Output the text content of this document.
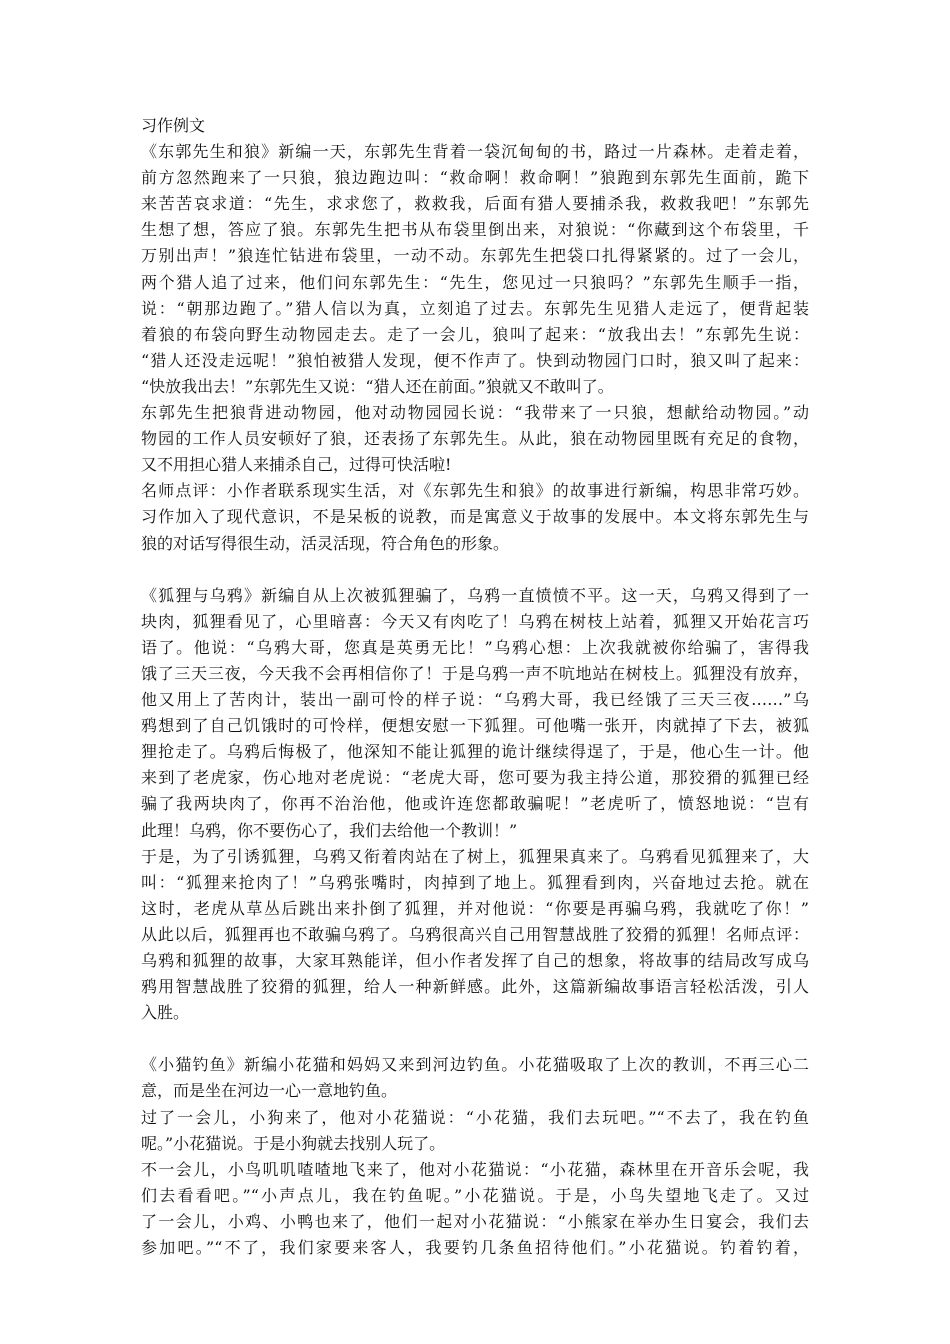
习作例文
《东郭先生和狼》新编一天，东郭先生背着一袋沉甸甸的书，路过一片森林。走着走着，
前方忽然跑来了一只狼，狼边跑边叫：“救命啊！救命啊！”狼跑到东郭先生面前，跪下
来苦苦哀求道：“先生，求求您了，救救我，后面有猎人要捕杀我，救救我吧！”东郭先
生想了想，答应了狼。东郭先生把书从布袋里倒出来，对狼说：“你藏到这个布袋里，千
万别出声！”狼连忙钻进布袋里，一动不动。东郭先生把袋口扎得紧紧的。过了一会儿，
两个猎人追了过来，他们问东郭先生：“先生，您见过一只狼吗？”东郭先生顺手一指，
说：“朝那边跑了。”猎人信以为真，立刻追了过去。东郭先生见猎人走远了，便背起装
着狼的布袋向野生动物园走去。走了一会儿，狼叫了起来：“放我出去！”东郭先生说：
“猎人还没走远呢！”狼怕被猎人发现，便不作声了。快到动物园门口时，狼又叫了起来：
“快放我出去！”东郭先生又说：“猎人还在前面。”狼就又不敢叫了。
东郭先生把狼背进动物园，他对动物园园长说：“我带来了一只狼，想献给动物园。”动
物园的工作人员安顿好了狼，还表扬了东郭先生。从此，狼在动物园里既有充足的食物，
又不用担心猎人来捕杀自己，过得可快活啦!
名师点评：小作者联系现实生活，对《东郭先生和狼》的故事进行新编，构思非常巧妙。
习作加入了现代意识，不是呆板的说教，而是寓意义于故事的发展中。本文将东郭先生与
狼的对话写得很生动，活灵活现，符合角色的形象。
《狐狸与乌鸦》新编自从上次被狐狸骗了，乌鸦一直愤愤不平。这一天，乌鸦又得到了一
块肉，狐狸看见了，心里暗喜：今天又有肉吃了！乌鸦在树枝上站着，狐狸又开始花言巧
语了。他说：“乌鸦大哥，您真是英勇无比！”乌鸦心想：上次我就被你给骗了，害得我
饿了三天三夜，今天我不会再相信你了！于是乌鸦一声不吭地站在树枝上。狐狸没有放弃，
他又用上了苦肉计，装出一副可怜的样子说：“乌鸦大哥，我已经饿了三天三夜……”乌
鸦想到了自己饥饿时的可怜样，便想安慰一下狐狸。可他嘴一张开，肉就掉了下去，被狐
狸抢走了。乌鸦后悔极了，他深知不能让狐狸的诡计继续得逞了，于是，他心生一计。他
来到了老虎家，伤心地对老虎说：“老虎大哥，您可要为我主持公道，那狡猾的狐狸已经
骗了我两块肉了，你再不治治他，他或许连您都敢骗呢！”老虎听了，愤怒地说：“岂有
此理！乌鸦，你不要伤心了，我们去给他一个教训！”
于是，为了引诱狐狸，乌鸦又衔着肉站在了树上，狐狸果真来了。乌鸦看见狐狸来了，大
叫：“狐狸来抢肉了！”乌鸦张嘴时，肉掉到了地上。狐狸看到肉，兴奋地过去抢。就在
这时，老虎从草丛后跳出来扑倒了狐狸，并对他说：“你要是再骗乌鸦，我就吃了你！”
从此以后，狐狸再也不敢骗乌鸦了。乌鸦很高兴自己用智慧战胜了狡猾的狐狸！名师点评：
乌鸦和狐狸的故事，大家耳熟能详，但小作者发挥了自己的想象，将故事的结局改写成乌
鸦用智慧战胜了狡猾的狐狸，给人一种新鲜感。此外，这篇新编故事语言轻松活泼，引人
入胜。
《小猫钓鱼》新编小花猫和妈妈又来到河边钓鱼。小花猫吸取了上次的教训，不再三心二
意，而是坐在河边一心一意地钓鱼。
过了一会儿，小狗来了，他对小花猫说：“小花猫，我们去玩吧。”“不去了，我在钓鱼
呢。”小花猫说。于是小狗就去找别人玩了。
不一会儿，小鸟叽叽喳喳地飞来了，他对小花猫说：“小花猫，森林里在开音乐会呢，我
们去看看吧。”“小声点儿，我在钓鱼呢。”小花猫说。于是，小鸟失望地飞走了。又过
了一会儿，小鸡、小鸭也来了，他们一起对小花猫说：“小熊家在举办生日宴会，我们去
参加吧。”“不了，我们家要来客人，我要钓几条鱼招待他们。”小花猫说。钓着钓着，
